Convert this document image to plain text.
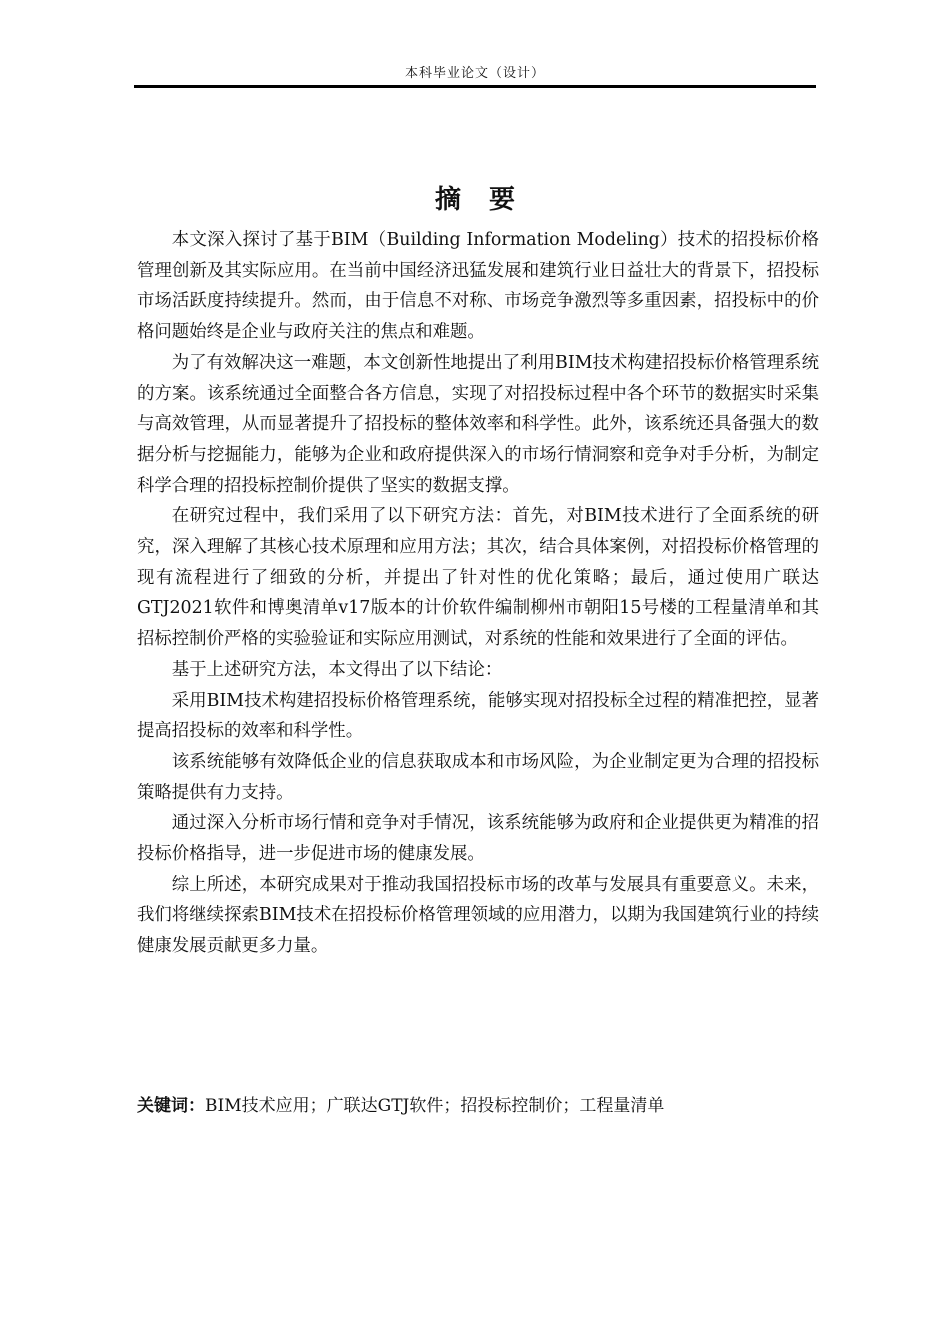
本科毕业论文（设计）
摘要

本文深入探讨了基于BIM（Building Information Modeling）技术的招投标价格管理创新及其实际应用。在当前中国经济迅猛发展和建筑行业日益壮大的背景下，招投标市场活跃度持续提升。然而，由于信息不对称、市场竞争激烈等多重因素，招投标中的价格问题始终是企业与政府关注的焦点和难题。

为了有效解决这一难题，本文创新性地提出了利用BIM技术构建招投标价格管理系统的方案。该系统通过全面整合各方信息，实现了对招投标过程中各个环节的数据实时采集与高效管理，从而显著提升了招投标的整体效率和科学性。此外，该系统还具备强大的数据分析与挖掘能力，能够为企业和政府提供深入的市场行情洞察和竞争对手分析，为制定科学合理的招投标控制价提供了坚实的数据支撑。

在研究过程中，我们采用了以下研究方法：首先，对BIM技术进行了全面系统的研究，深入理解了其核心技术原理和应用方法；其次，结合具体案例，对招投标价格管理的现有流程进行了细致的分析，并提出了针对性的优化策略；最后，通过使用广联达GTJ2021软件和博奥清单v17版本的计价软件编制柳州市朝阳15号楼的工程量清单和其招标控制价严格的实验验证和实际应用测试，对系统的性能和效果进行了全面的评估。

基于上述研究方法，本文得出了以下结论：

采用BIM技术构建招投标价格管理系统，能够实现对招投标全过程的精准把控，显著提高招投标的效率和科学性。

该系统能够有效降低企业的信息获取成本和市场风险，为企业制定更为合理的招投标策略提供有力支持。

通过深入分析市场行情和竞争对手情况，该系统能够为政府和企业提供更为精准的招投标价格指导，进一步促进市场的健康发展。

综上所述，本研究成果对于推动我国招投标市场的改革与发展具有重要意义。未来，我们将继续探索BIM技术在招投标价格管理领域的应用潜力，以期为我国建筑行业的持续健康发展贡献更多力量。

关键词：BIM技术应用；广联达GTJ软件；招投标控制价；工程量清单
